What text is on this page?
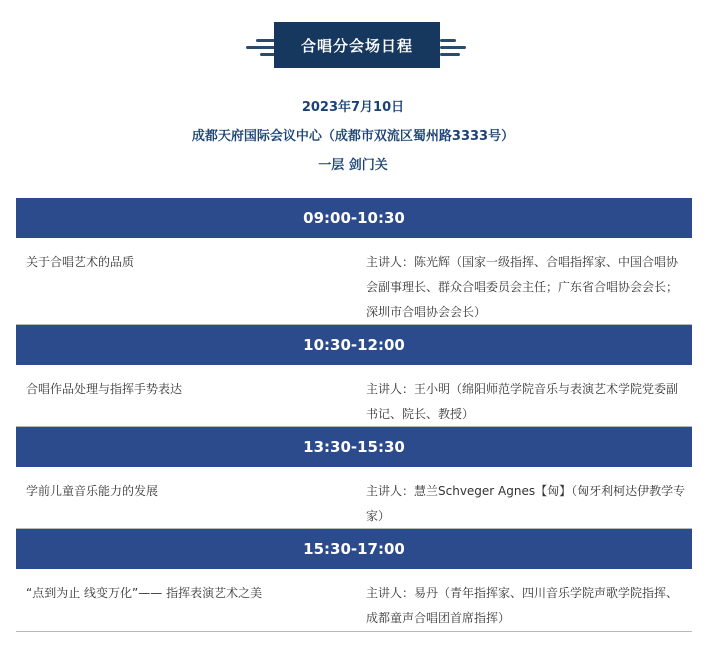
合唱分会场日程
2023年7月10日
成都天府国际会议中心（成都市双流区蜀州路3333号）
一层 剑门关
09:00-10:30
关于合唱艺术的品质	主讲人：陈光辉（国家一级指挥、合唱指挥家、中国合唱协会副事理长、群众合唱委员会主任；广东省合唱协会会长；深圳市合唱协会会长）
10:30-12:00
合唱作品处理与指挥手势表达	主讲人：王小明（绵阳师范学院音乐与表演艺术学院党委副书记、院长、教授）
13:30-15:30
学前儿童音乐能力的发展	主讲人：慧兰Schveger Agnes【匈】（匈牙利柯达伊教学专家）
15:30-17:00
“点到为止 线变万化”—— 指挥表演艺术之美	主讲人：易丹（青年指挥家、四川音乐学院声歌学院指挥、成都童声合唱团首席指挥）
